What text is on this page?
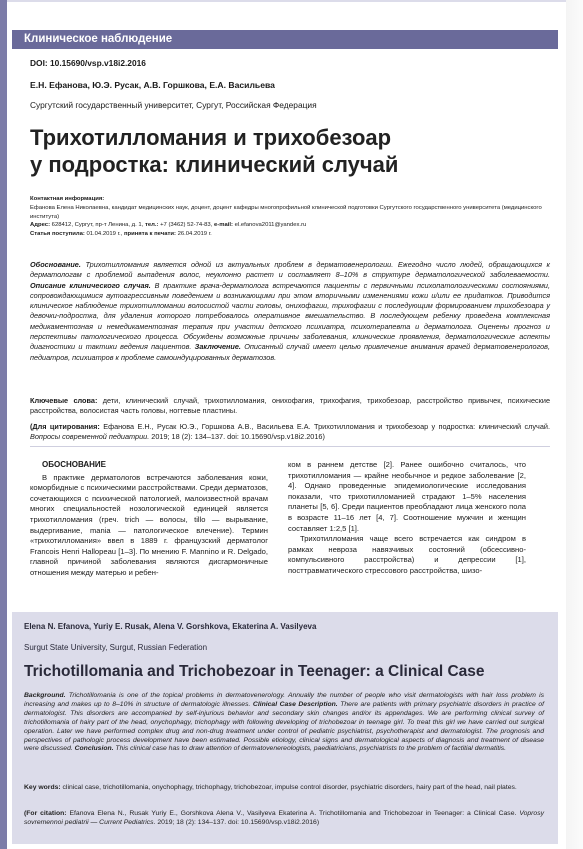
Клиническое наблюдение
DOI: 10.15690/vsp.v18i2.2016
Е.Н. Ефанова, Ю.Э. Русак, А.В. Горшкова, Е.А. Васильева
Сургутский государственный университет, Сургут, Российская Федерация
Трихотилломания и трихобезоар
у подростка: клинический случай
Контактная информация:
Ефанова Елена Николаевна, кандидат медицинских наук, доцент, доцент кафедры многопрофильной клинической подготовки Сургутского государственного университета (медицинского института)
Адрес: 628412, Сургут, пр-т Ленина, д. 1, тел.: +7 (3462) 52-74-83, e-mail: el.efanova2011@yandex.ru
Статья поступила: 01.04.2019 г., принята к печати: 26.04.2019 г.
Обоснование. Трихотилломания является одной из актуальных проблем в дерматовенерологии. Ежегодно число людей, обращающихся к дерматологам с проблемой выпадения волос, неуклонно растет и составляет 8–10% в структуре дерматологической заболеваемости. Описание клинического случая. В практике врача-дерматолога встречаются пациенты с первичными психопатологическими состояниями, сопровождающимися аутоагрессивным поведением и возникающими при этом вторичными изменениями кожи и/или ее придатков. Приводится клиническое наблюдение трихотилломании волосистой части головы, онихофагии, трихофагии с последующим формированием трихобезоара у девочки-подростка, для удаления которого потребовалось оперативное вмешательство. В последующем ребенку проведена комплексная медикаментозная и немедикаментозная терапия при участии детского психиатра, психотерапевта и дерматолога. Оценены прогноз и перспективы патологического процесса. Обсуждены возможные причины заболевания, клинические проявления, дерматологические аспекты диагностики и тактики ведения пациентов. Заключение. Описанный случай имеет целью привлечение внимания врачей дерматовенерологов, педиатров, психиатров к проблеме самоиндуцированных дерматозов.
Ключевые слова: дети, клинический случай, трихотилломания, онихофагия, трихофагия, трихобезоар, расстройство привычек, психические расстройства, волосистая часть головы, ногтевые пластины.
(Для цитирования: Ефанова Е.Н., Русак Ю.Э., Горшкова А.В., Васильева Е.А. Трихотилломания и трихобезоар у подростка: клинический случай. Вопросы современной педиатрии. 2019; 18 (2): 134–137. doi: 10.15690/vsp.v18i2.2016)
ОБОСНОВАНИЕ

В практике дерматологов встречаются заболевания кожи, коморбидные с психическими расстройствами. Среди дерматозов, сочетающихся с психической патологией, малоизвестной врачам многих специальностей нозологической единицей является трихотилломания (греч. trich — волосы, tillo — вырывание, выдергивание, mania — патологическое влечение). Термин «трихотилломания» ввел в 1889 г. французский дерматолог Francois Henri Hallopeau [1–3]. По мнению F. Mannino и R. Delgado, главной причиной заболевания являются дисгармоничные отношения между матерью и ребен-

ком в раннем детстве [2]. Ранее ошибочно считалось, что трихотилломания — крайне необычное и редкое заболевание [2, 4]. Однако проведенные эпидемиологические исследования показали, что трихотилломанией страдают 1–5% населения планеты [5, 6]. Среди пациентов преобладают лица женского пола в возрасте 11–16 лет [4, 7]. Соотношение мужчин и женщин составляет 1:2,5 [1].

Трихотилломания чаще всего встречается как синдром в рамках невроза навязчивых состояний (обсессивно-компульсивного расстройства) и депрессии [1], посттравматического стрессового расстройства, шизо-

Elena N. Efanova, Yuriy E. Rusak, Alena V. Gorshkova, Ekaterina A. Vasilyeva
Surgut State University, Surgut, Russian Federation
Trichotillomania and Trichobezoar in Teenager: a Clinical Case
Background. Trichotillomania is one of the topical problems in dermatovenerology. Annually the number of people who visit dermatologists with hair loss problem is increasing and makes up to 8–10% in structure of dermatologic illnesses. Clinical Case Description. There are patients with primary psychiatric disorders in practice of dermatologist. This disorders are accompanied by self-injurious behavior and secondary skin changes and/or its appendages. We are performing clinical survey of trichotillomania of hairy part of the head, onychophagy, trichophagy with following developing of trichobezoar in teenage girl. To treat this girl we have carried out surgical operation. Later we have performed complex drug and non-drug treatment under control of pediatric psychiatrist, psychotherapist and dermatologist. The prognosis and perspectives of pathologic process development have been estimated. Possible etiology, clinical signs and dermatological aspects of diagnosis and treatment of disease were discussed. Conclusion. This clinical case has to draw attention of dermatovenereologists, paediatricians, psychiatrists to the problem of factitial dermatitis.
Key words: clinical case, trichotillomania, onychophagy, trichophagy, trichobezoar, impulse control disorder, psychiatric disorders, hairy part of the head, nail plates.
(For citation: Efanova Elena N., Rusak Yuriy E., Gorshkova Alena V., Vasilyeva Ekaterina A. Trichotillomania and Trichobezoar in Teenager: a Clinical Case. Voprosy sovremennoi pediatrii — Current Pediatrics. 2019; 18 (2): 134–137. doi: 10.15690/vsp.v18i2.2016)
